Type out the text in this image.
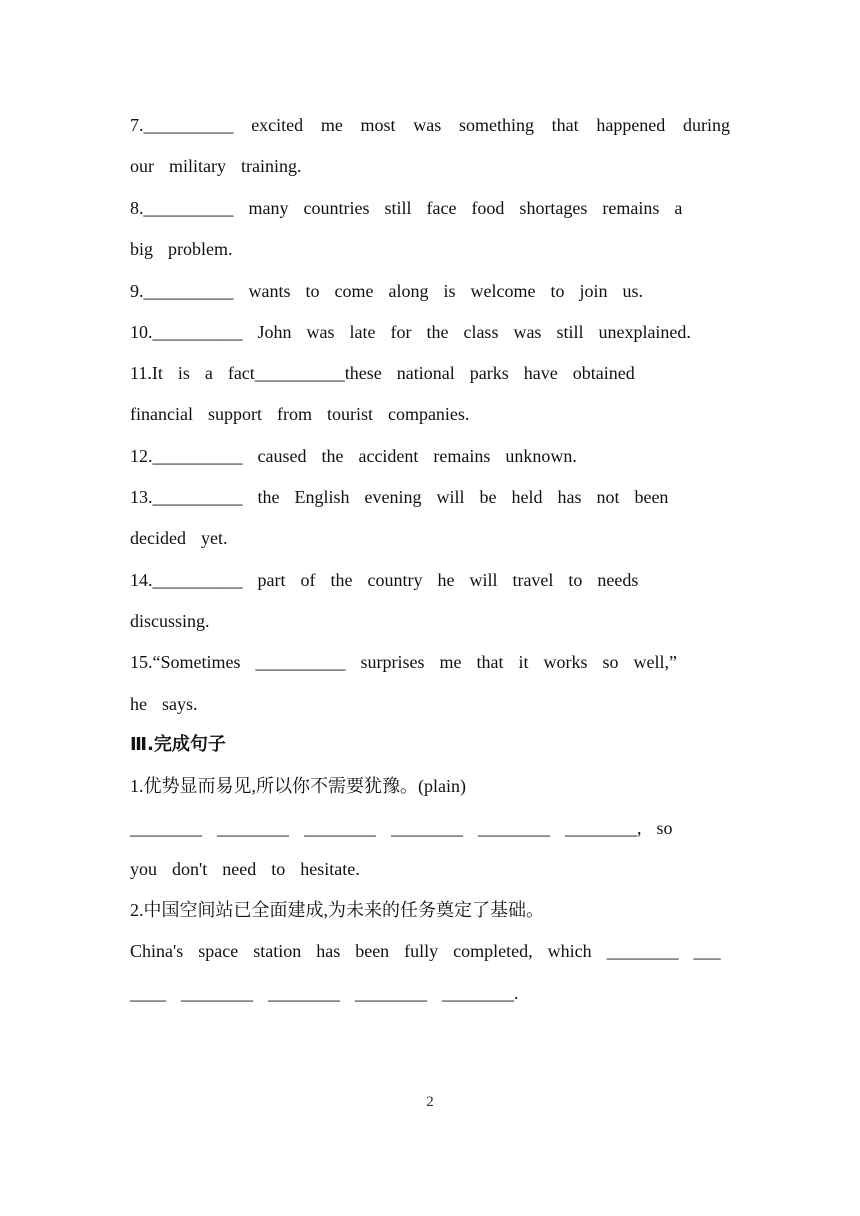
7.__________ excited me most was something that happened during
our  military  training.
8.__________  many  countries  still  face  food  shortages  remains  a
big  problem.
9.__________  wants  to  come  along  is  welcome  to  join  us.
10.__________  John  was  late  for  the  class  was  still  unexplained.
11.It  is  a  fact__________these  national  parks  have  obtained
financial  support  from  tourist  companies.
12.__________  caused  the  accident  remains  unknown.
13.__________  the  English  evening  will  be  held  has  not  been
decided  yet.
14.__________  part  of  the  country  he  will  travel  to  needs
discussing.
15.“Sometimes  __________  surprises  me  that  it  works  so  well,”
he  says.
Ⅲ.完成句子
1.优势显而易见,所以你不需要犹豫。(plain)
________  ________  ________  ________  ________  ________,  so
you  don't  need  to  hesitate.
2.中国空间站已全面建成,为未来的任务奠定了基础。
China's  space  station  has  been  fully  completed,  which  ________  ___
____  ________  ________  ________  ________.
2
